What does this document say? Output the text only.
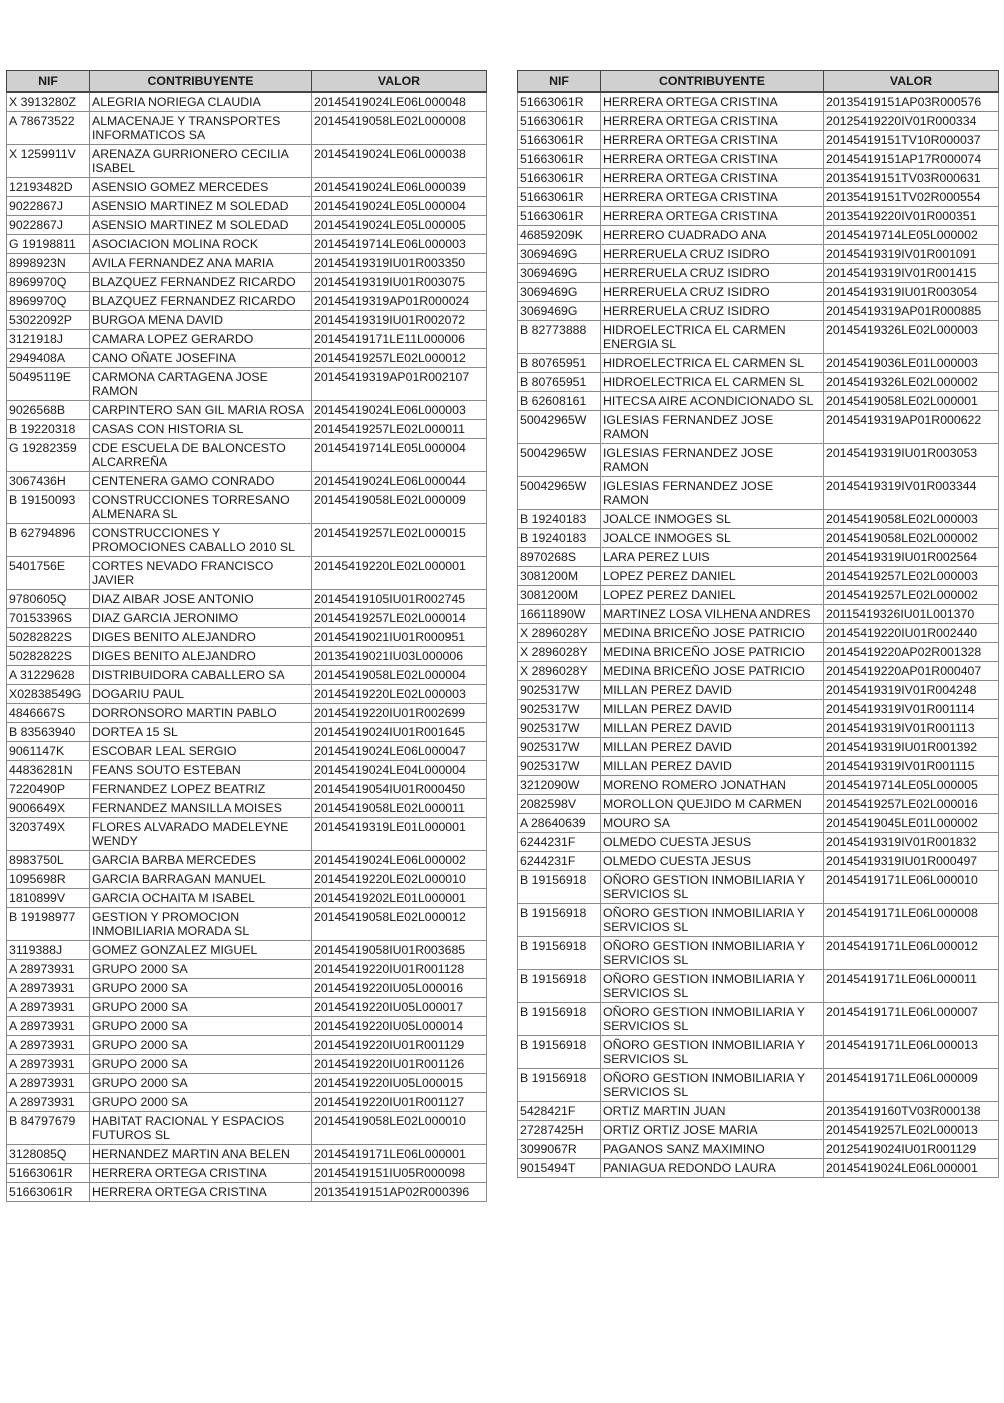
NIF	CONTRIBUYENTE	VALOR
X 3913280Z	ALEGRIA NORIEGA CLAUDIA	20145419024LE06L000048
A 78673522	ALMACENAJE Y TRANSPORTES INFORMATICOS SA	20145419058LE02L000008
X 1259911V	ARENAZA GURRIONERO CECILIA ISABEL	20145419024LE06L000038
12193482D	ASENSIO GOMEZ MERCEDES	20145419024LE06L000039
9022867J	ASENSIO MARTINEZ M SOLEDAD	20145419024LE05L000004
9022867J	ASENSIO MARTINEZ M SOLEDAD	20145419024LE05L000005
G 19198811	ASOCIACION MOLINA ROCK	20145419714LE06L000003
8998923N	AVILA FERNANDEZ ANA MARIA	20145419319IU01R003350
8969970Q	BLAZQUEZ FERNANDEZ RICARDO	20145419319IU01R003075
8969970Q	BLAZQUEZ FERNANDEZ RICARDO	20145419319AP01R000024
53022092P	BURGOA MENA DAVID	20145419319IU01R002072
3121918J	CAMARA LOPEZ GERARDO	20145419171LE11L000006
2949408A	CANO OÑATE JOSEFINA	20145419257LE02L000012
50495119E	CARMONA CARTAGENA JOSE RAMON	20145419319AP01R002107
9026568B	CARPINTERO SAN GIL MARIA ROSA	20145419024LE06L000003
B 19220318	CASAS CON HISTORIA SL	20145419257LE02L000011
G 19282359	CDE ESCUELA DE BALONCESTO ALCARREÑA	20145419714LE05L000004
3067436H	CENTENERA GAMO CONRADO	20145419024LE06L000044
B 19150093	CONSTRUCCIONES TORRESANO ALMENARA SL	20145419058LE02L000009
B 62794896	CONSTRUCCIONES Y PROMOCIONES CABALLO 2010 SL	20145419257LE02L000015
5401756E	CORTES NEVADO FRANCISCO JAVIER	20145419220LE02L000001
9780605Q	DIAZ AIBAR JOSE ANTONIO	20145419105IU01R002745
70153396S	DIAZ GARCIA JERONIMO	20145419257LE02L000014
50282822S	DIGES BENITO ALEJANDRO	20145419021IU01R000951
50282822S	DIGES BENITO ALEJANDRO	20135419021IU03L000006
A 31229628	DISTRIBUIDORA CABALLERO SA	20145419058LE02L000004
X02838549G	DOGARIU PAUL	20145419220LE02L000003
4846667S	DORRONSORO MARTIN PABLO	20145419220IU01R002699
B 83563940	DORTEA 15 SL	20145419024IU01R001645
9061147K	ESCOBAR LEAL SERGIO	20145419024LE06L000047
44836281N	FEANS SOUTO ESTEBAN	20145419024LE04L000004
7220490P	FERNANDEZ LOPEZ BEATRIZ	20145419054IU01R000450
9006649X	FERNANDEZ MANSILLA MOISES	20145419058LE02L000011
3203749X	FLORES ALVARADO MADELEYNE WENDY	20145419319LE01L000001
8983750L	GARCIA BARBA MERCEDES	20145419024LE06L000002
1095698R	GARCIA BARRAGAN MANUEL	20145419220LE02L000010
1810899V	GARCIA OCHAITA M ISABEL	20145419202LE01L000001
B 19198977	GESTION Y PROMOCION INMOBILIARIA MORADA SL	20145419058LE02L000012
3119388J	GOMEZ GONZALEZ MIGUEL	20145419058IU01R003685
A 28973931	GRUPO 2000 SA	20145419220IU01R001128
A 28973931	GRUPO 2000 SA	20145419220IU05L000016
A 28973931	GRUPO 2000 SA	20145419220IU05L000017
A 28973931	GRUPO 2000 SA	20145419220IU05L000014
A 28973931	GRUPO 2000 SA	20145419220IU01R001129
A 28973931	GRUPO 2000 SA	20145419220IU01R001126
A 28973931	GRUPO 2000 SA	20145419220IU05L000015
A 28973931	GRUPO 2000 SA	20145419220IU01R001127
B 84797679	HABITAT RACIONAL Y ESPACIOS FUTUROS SL	20145419058LE02L000010
3128085Q	HERNANDEZ MARTIN ANA BELEN	20145419171LE06L000001
51663061R	HERRERA ORTEGA CRISTINA	20145419151IU05R000098
51663061R	HERRERA ORTEGA CRISTINA	20135419151AP02R000396
NIF	CONTRIBUYENTE	VALOR
51663061R	HERRERA ORTEGA CRISTINA	20135419151AP03R000576
51663061R	HERRERA ORTEGA CRISTINA	20125419220IV01R000334
51663061R	HERRERA ORTEGA CRISTINA	20145419151TV10R000037
51663061R	HERRERA ORTEGA CRISTINA	20145419151AP17R000074
51663061R	HERRERA ORTEGA CRISTINA	20135419151TV03R000631
51663061R	HERRERA ORTEGA CRISTINA	20135419151TV02R000554
51663061R	HERRERA ORTEGA CRISTINA	20135419220IV01R000351
46859209K	HERRERO CUADRADO ANA	20145419714LE05L000002
3069469G	HERRERUELA CRUZ ISIDRO	20145419319IV01R001091
3069469G	HERRERUELA CRUZ ISIDRO	20145419319IV01R001415
3069469G	HERRERUELA CRUZ ISIDRO	20145419319IU01R003054
3069469G	HERRERUELA CRUZ ISIDRO	20145419319AP01R000885
B 82773888	HIDROELECTRICA EL CARMEN ENERGIA SL	20145419326LE02L000003
B 80765951	HIDROELECTRICA EL CARMEN SL	20145419036LE01L000003
B 80765951	HIDROELECTRICA EL CARMEN SL	20145419326LE02L000002
B 62608161	HITECSA AIRE ACONDICIONADO SL	20145419058LE02L000001
50042965W	IGLESIAS FERNANDEZ JOSE RAMON	20145419319AP01R000622
50042965W	IGLESIAS FERNANDEZ JOSE RAMON	20145419319IU01R003053
50042965W	IGLESIAS FERNANDEZ JOSE RAMON	20145419319IV01R003344
B 19240183	JOALCE INMOGES SL	20145419058LE02L000003
B 19240183	JOALCE INMOGES SL	20145419058LE02L000002
8970268S	LARA PEREZ LUIS	20145419319IU01R002564
3081200M	LOPEZ PEREZ DANIEL	20145419257LE02L000003
3081200M	LOPEZ PEREZ DANIEL	20145419257LE02L000002
16611890W	MARTINEZ LOSA VILHENA ANDRES	20115419326IU01L001370
X 2896028Y	MEDINA BRICEÑO JOSE PATRICIO	20145419220IU01R002440
X 2896028Y	MEDINA BRICEÑO JOSE PATRICIO	20145419220AP02R001328
X 2896028Y	MEDINA BRICEÑO JOSE PATRICIO	20145419220AP01R000407
9025317W	MILLAN PEREZ DAVID	20145419319IV01R004248
9025317W	MILLAN PEREZ DAVID	20145419319IV01R001114
9025317W	MILLAN PEREZ DAVID	20145419319IV01R001113
9025317W	MILLAN PEREZ DAVID	20145419319IU01R001392
9025317W	MILLAN PEREZ DAVID	20145419319IV01R001115
3212090W	MORENO ROMERO JONATHAN	20145419714LE05L000005
2082598V	MOROLLON QUEJIDO M CARMEN	20145419257LE02L000016
A 28640639	MOURO SA	20145419045LE01L000002
6244231F	OLMEDO CUESTA JESUS	20145419319IV01R001832
6244231F	OLMEDO CUESTA JESUS	20145419319IU01R000497
B 19156918	OÑORO GESTION INMOBILIARIA Y SERVICIOS SL	20145419171LE06L000010
B 19156918	OÑORO GESTION INMOBILIARIA Y SERVICIOS SL	20145419171LE06L000008
B 19156918	OÑORO GESTION INMOBILIARIA Y SERVICIOS SL	20145419171LE06L000012
B 19156918	OÑORO GESTION INMOBILIARIA Y SERVICIOS SL	20145419171LE06L000011
B 19156918	OÑORO GESTION INMOBILIARIA Y SERVICIOS SL	20145419171LE06L000007
B 19156918	OÑORO GESTION INMOBILIARIA Y SERVICIOS SL	20145419171LE06L000013
B 19156918	OÑORO GESTION INMOBILIARIA Y SERVICIOS SL	20145419171LE06L000009
5428421F	ORTIZ MARTIN JUAN	20135419160TV03R000138
27287425H	ORTIZ ORTIZ JOSE MARIA	20145419257LE02L000013
3099067R	PAGANOS SANZ MAXIMINO	20125419024IU01R001129
9015494T	PANIAGUA REDONDO LAURA	20145419024LE06L000001
